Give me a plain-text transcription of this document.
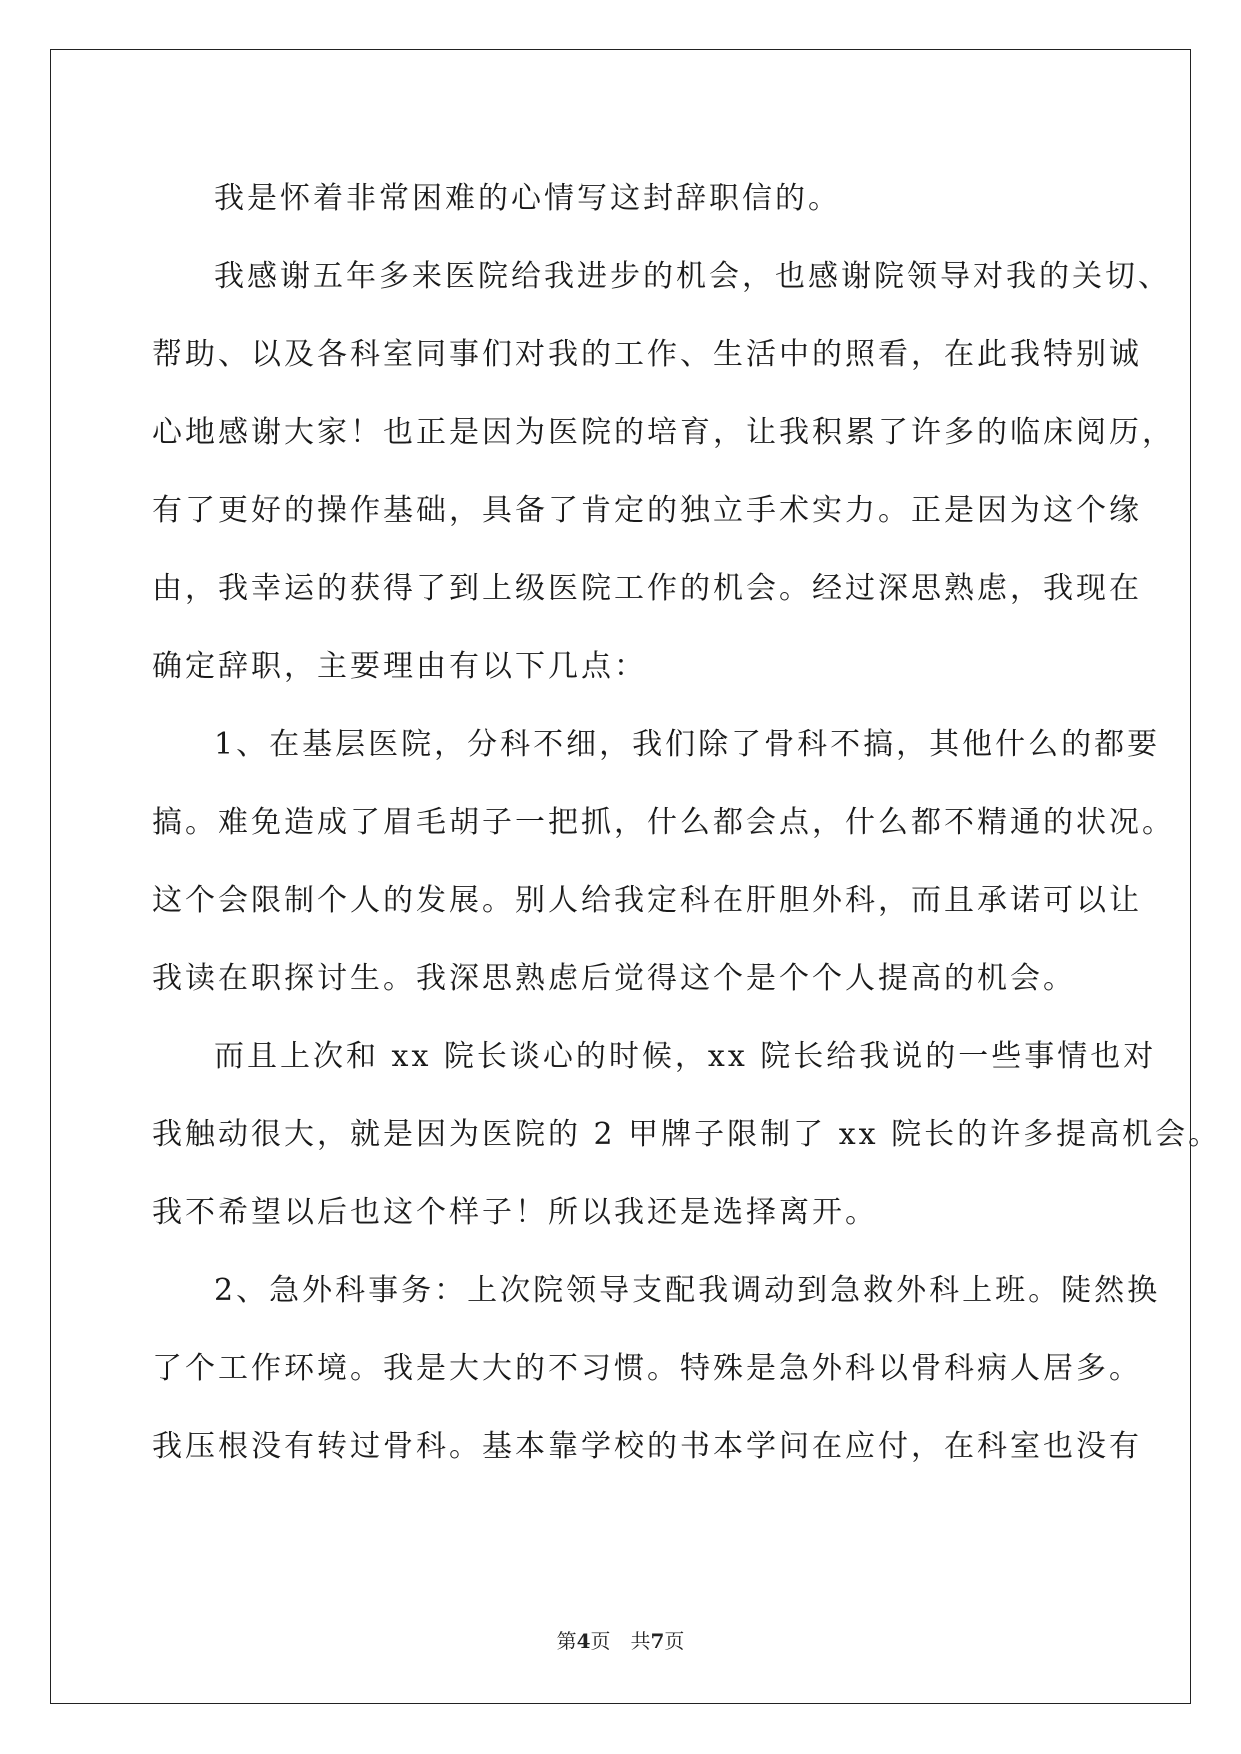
我是怀着非常困难的心情写这封辞职信的。
我感谢五年多来医院给我进步的机会，也感谢院领导对我的关切、
帮助、以及各科室同事们对我的工作、生活中的照看，在此我特别诚
心地感谢大家！也正是因为医院的培育，让我积累了许多的临床阅历，
有了更好的操作基础，具备了肯定的独立手术实力。正是因为这个缘
由，我幸运的获得了到上级医院工作的机会。经过深思熟虑，我现在
确定辞职，主要理由有以下几点：
1、在基层医院，分科不细，我们除了骨科不搞，其他什么的都要
搞。难免造成了眉毛胡子一把抓，什么都会点，什么都不精通的状况。
这个会限制个人的发展。别人给我定科在肝胆外科，而且承诺可以让
我读在职探讨生。我深思熟虑后觉得这个是个个人提高的机会。
而且上次和 xx 院长谈心的时候，xx 院长给我说的一些事情也对
我触动很大，就是因为医院的 2 甲牌子限制了 xx 院长的许多提高机会。
我不希望以后也这个样子！所以我还是选择离开。
2、急外科事务：上次院领导支配我调动到急救外科上班。陡然换
了个工作环境。我是大大的不习惯。特殊是急外科以骨科病人居多。
我压根没有转过骨科。基本靠学校的书本学问在应付，在科室也没有
第4页 共7页
